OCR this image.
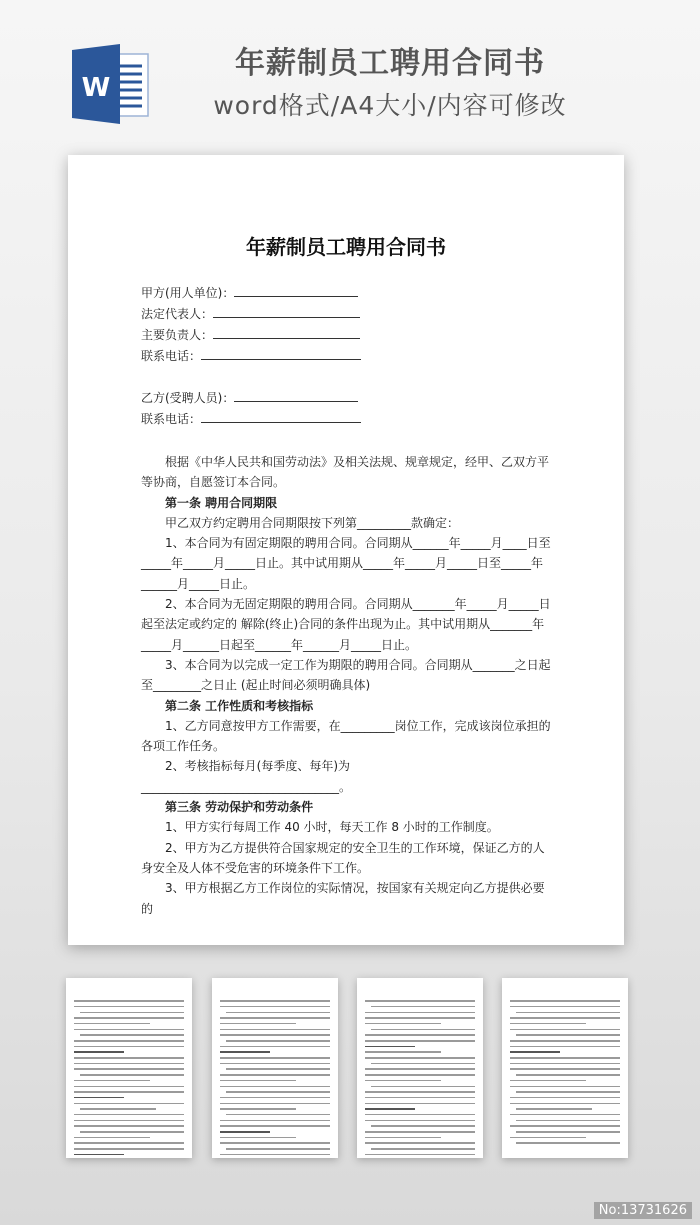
W
年薪制员工聘用合同书
word格式/A4大小/内容可修改
年薪制员工聘用合同书
甲方(用人单位)：
法定代表人：
主要负责人：
联系电话：
乙方(受聘人员)：
联系电话：

根据《中华人民共和国劳动法》及相关法规、规章规定，经甲、乙双方平等协商，自愿签订本合同。

第一条 聘用合同期限

甲乙双方约定聘用合同期限按下列第_________款确定：

1、本合同为有固定期限的聘用合同。合同期从______年_____月____日至_____年_____月_____日止。其中试用期从_____年_____月_____日至_____年______月_____日止。

2、本合同为无固定期限的聘用合同。合同期从_______年_____月_____日起至法定或约定的 解除(终止)合同的条件出现为止。其中试用期从_______年_____月______日起至______年______月_____日止。

3、本合同为以完成一定工作为期限的聘用合同。合同期从_______之日起至________之日止 (起止时间必须明确具体)

第二条 工作性质和考核指标

1、乙方同意按甲方工作需要，在_________岗位工作，完成该岗位承担的各项工作任务。

2、考核指标每月(每季度、每年)为_________________________________。

第三条 劳动保护和劳动条件

1、甲方实行每周工作 40 小时，每天工作 8 小时的工作制度。

2、甲方为乙方提供符合国家规定的安全卫生的工作环境，保证乙方的人身安全及人体不受危害的环境条件下工作。

3、甲方根据乙方工作岗位的实际情况，按国家有关规定向乙方提供必要的

No:13731626
